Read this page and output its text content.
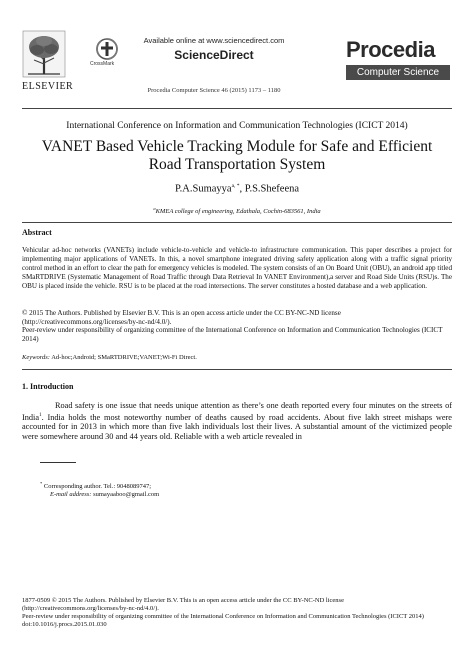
ELSEVIER
CrossMark
Available online at www.sciencedirect.com
ScienceDirect
Procedia Computer Science 46 (2015) 1173 – 1180
Procedia
Computer Science
International Conference on Information and Communication Technologies (ICICT 2014)
VANET Based Vehicle Tracking Module for Safe and Efficient Road Transportation System
P.A.Sumayya$^{a, *}$, P.S.Shefeena
$^a$KMEA college of engineering, Edathala, Cochin-683561, India
Abstract
Vehicular ad-hoc networks (VANETs) include vehicle-to-vehicle and vehicle-to infrastructure communication. This paper describes a project for implementing major applications of VANETs. In this, a novel smartphone integrated driving safety application along with a traffic signal priority control method in an effort to clear the path for emergency vehicles is modeled. The system consists of an On Board Unit (OBU), an android app titled SMaRTDRIVE (Systematic Management of Road Traffic through Data Retrieval In VANET Environment),a server and Road Side Units (RSU)s. The OBU is placed inside the vehicle. RSU is to be placed at the road intersections. The server constitutes a hosted database and a web application.
© 2015 The Authors. Published by Elsevier B.V. This is an open access article under the CC BY-NC-ND license
(http://creativecommons.org/licenses/by-nc-nd/4.0/).
Peer-review under responsibility of organizing committee of the International Conference on Information and Communication Technologies (ICICT 2014)
Keywords: Ad-hoc;Android; SMaRTDRIVE;VANET;Wi-Fi Direct.
1. Introduction
Road safety is one issue that needs unique attention as there’s one death reported every four minutes on the streets of India$^1$. India holds the most noteworthy number of deaths caused by road accidents. About five lakh street mishaps were accounted for in 2013 in which more than five lakh individuals lost their lives. A substantial amount of the victimized people were somewhere around 30 and 44 years old. Reliable with a web article revealed in
* Corresponding author. Tel.: 9048089747;
E-mail address: sumayaaboo@gmail.com
1877-0509 © 2015 The Authors. Published by Elsevier B.V. This is an open access article under the CC BY-NC-ND license
(http://creativecommons.org/licenses/by-nc-nd/4.0/).
Peer-review under responsibility of organizing committee of the International Conference on Information and Communication Technologies (ICICT 2014)
doi:10.1016/j.procs.2015.01.030
